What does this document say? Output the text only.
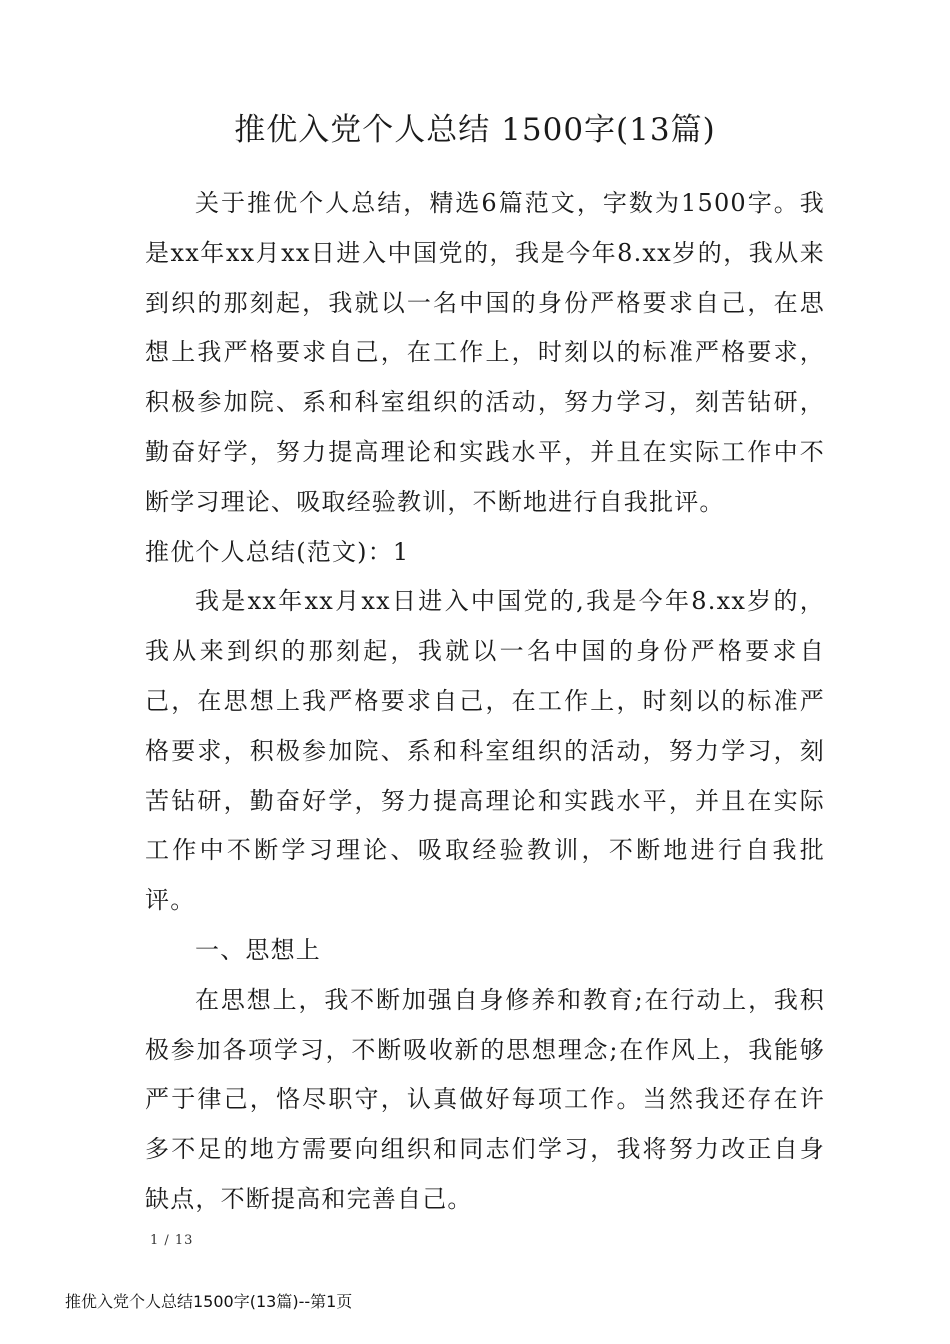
推优入党个人总结 1500字(13篇)

关于推优个人总结，精选6篇范文，字数为1500字。我是xx年xx月xx日进入中国党的，我是今年8.xx岁的，我从来到织的那刻起，我就以一名中国的身份严格要求自己，在思想上我严格要求自己，在工作上，时刻以的标准严格要求，积极参加院、系和科室组织的活动，努力学习，刻苦钻研，勤奋好学，努力提高理论和实践水平，并且在实际工作中不断学习理论、吸取经验教训，不断地进行自我批评。

推优个人总结(范文)：1

我是xx年xx月xx日进入中国党的,我是今年8.xx岁的，我从来到织的那刻起，我就以一名中国的身份严格要求自己，在思想上我严格要求自己，在工作上，时刻以的标准严格要求，积极参加院、系和科室组织的活动，努力学习，刻苦钻研，勤奋好学，努力提高理论和实践水平，并且在实际工作中不断学习理论、吸取经验教训，不断地进行自我批评。

一、思想上

在思想上，我不断加强自身修养和教育;在行动上，我积极参加各项学习，不断吸收新的思想理念;在作风上，我能够严于律己，恪尽职守，认真做好每项工作。当然我还存在许多不足的地方需要向组织和同志们学习，我将努力改正自身缺点，不断提高和完善自己。

1 / 13
推优入党个人总结1500字(13篇)--第1页
